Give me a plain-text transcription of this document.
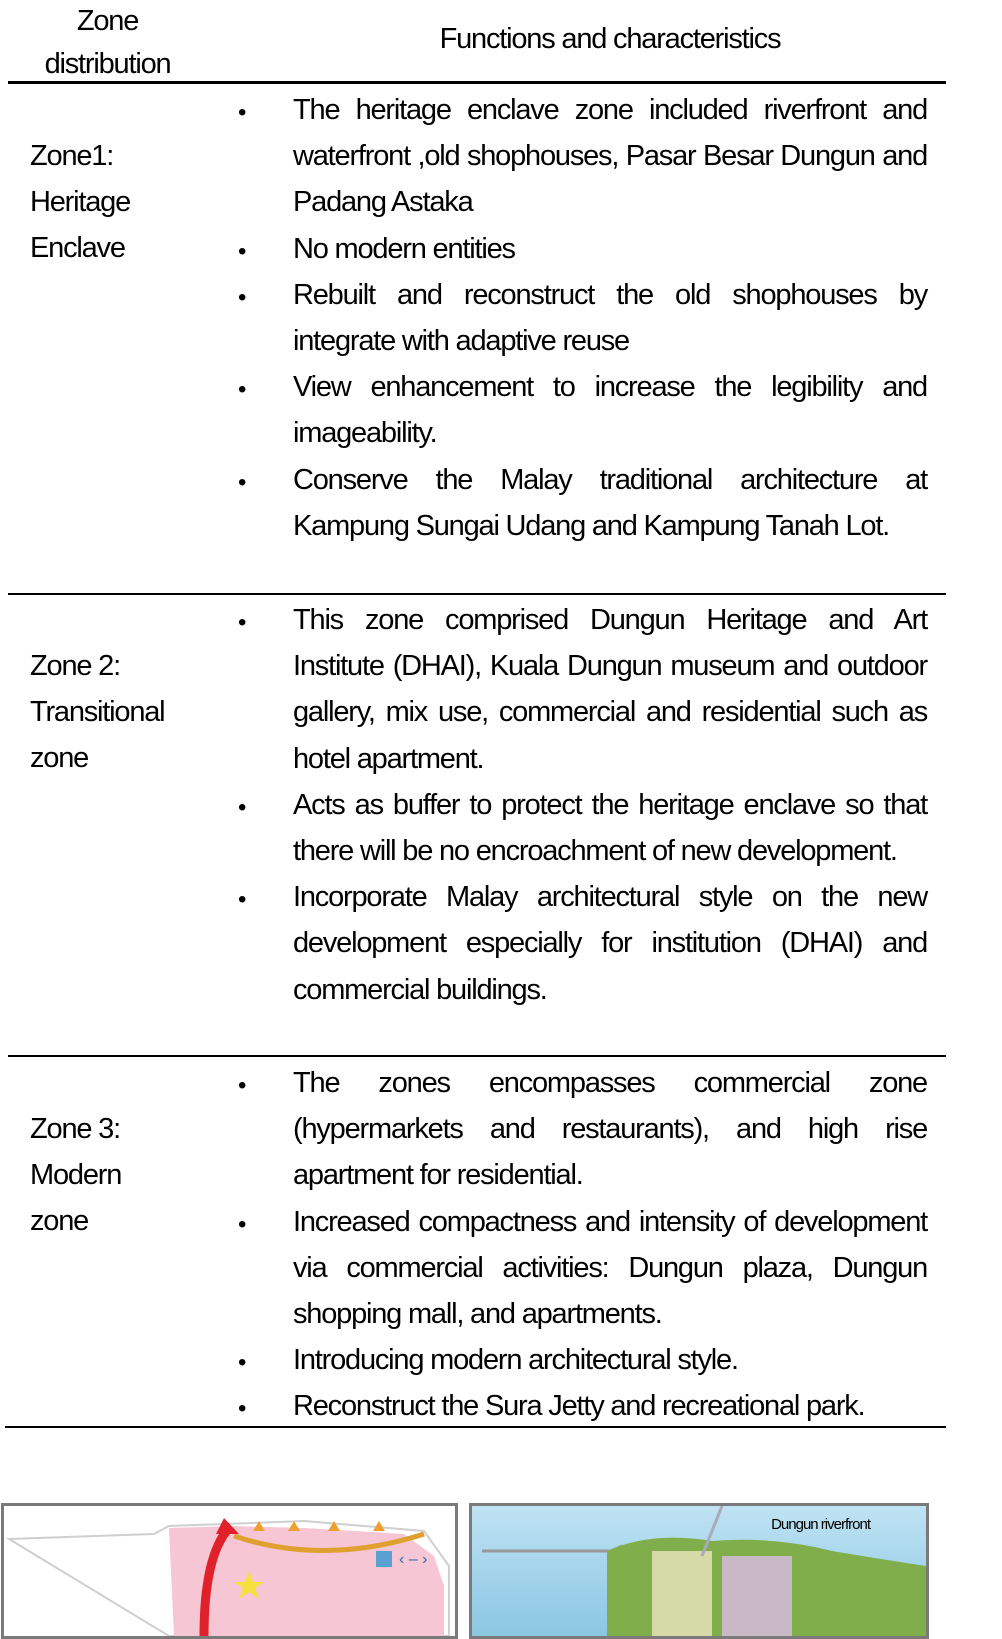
Zone distribution
Functions and characteristics
Zone1:
Heritage
Enclave
• The heritage enclave zone included riverfront and waterfront ,old shophouses, Pasar Besar Dungun and Padang Astaka
• No modern entities
• Rebuilt and reconstruct the old shophouses by integrate with adaptive reuse
• View enhancement to increase the legibility and imageability.
• Conserve the Malay traditional architecture at Kampung Sungai Udang and Kampung Tanah Lot.
Zone 2:
Transitional
zone
• This zone comprised Dungun Heritage and Art Institute (DHAI), Kuala Dungun museum and outdoor gallery, mix use, commercial and residential such as hotel apartment.
• Acts as buffer to protect the heritage enclave so that there will be no encroachment of new development.
• Incorporate Malay architectural style on the new development especially for institution (DHAI) and commercial buildings.
Zone 3:
Modern
zone
• The zones encompasses commercial zone (hypermarkets and restaurants), and high rise apartment for residential.
• Increased compactness and intensity of development via commercial activities: Dungun plaza, Dungun shopping mall, and apartments.
• Introducing modern architectural style.
• Reconstruct the Sura Jetty and recreational park.
‹ – ›
Dungun riverfront
